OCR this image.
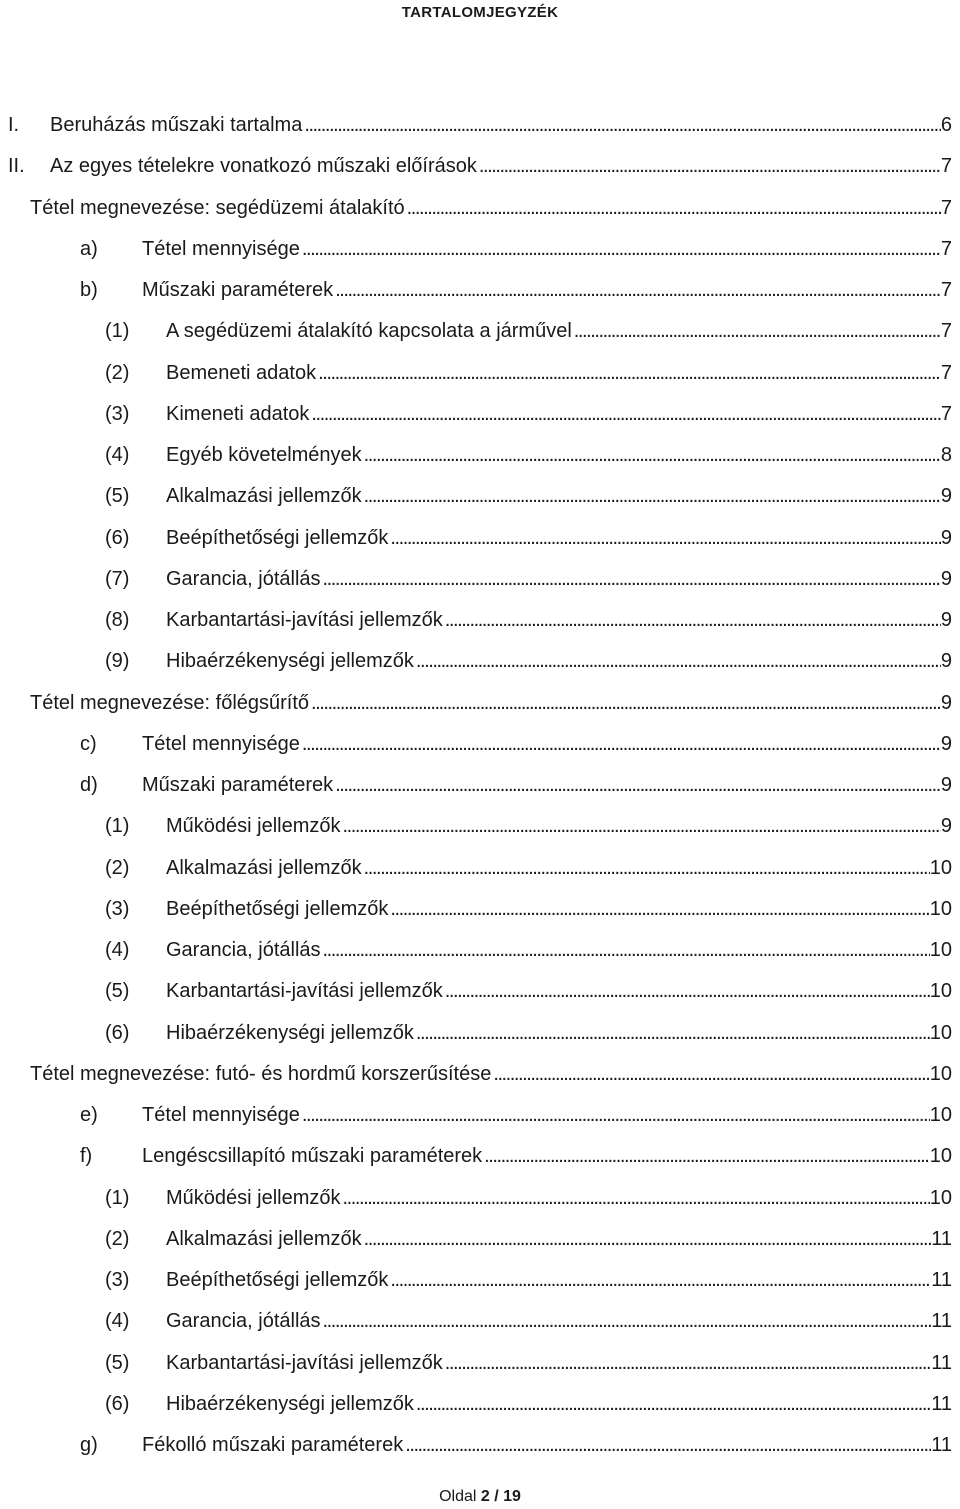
TARTALOMJEGYZÉK
I. Beruházás műszaki tartalma . . .	6
II. Az egyes tételekre vonatkozó műszaki előírások . . .	7
Tétel megnevezése: segédüzemi átalakító . . .	7
a) Tétel mennyisége . . .	7
b) Műszaki paraméterek . . .	7
(1) A segédüzemi átalakító kapcsolata a járművel . . .	7
(2) Bemeneti adatok . . .	7
(3) Kimeneti adatok . . .	7
(4) Egyéb követelmények . . .	8
(5) Alkalmazási jellemzők . . .	9
(6) Beépíthetőségi jellemzők . . .	9
(7) Garancia, jótállás . . .	9
(8) Karbantartási-javítási jellemzők . . .	9
(9) Hibaérzékenységi jellemzők . . .	9
Tétel megnevezése: főlégsűrítő . . .	9
c) Tétel mennyisége . . .	9
d) Műszaki paraméterek . . .	9
(1) Működési jellemzők . . .	9
(2) Alkalmazási jellemzők . . .	10
(3) Beépíthetőségi jellemzők . . .	10
(4) Garancia, jótállás . . .	10
(5) Karbantartási-javítási jellemzők . . .	10
(6) Hibaérzékenységi jellemzők . . .	10
Tétel megnevezése: futó- és hordmű korszerűsítése . . .	10
e) Tétel mennyisége . . .	10
f) Lengéscsillapító műszaki paraméterek . . .	10
(1) Működési jellemzők . . .	10
(2) Alkalmazási jellemzők . . .	11
(3) Beépíthetőségi jellemzők . . .	11
(4) Garancia, jótállás . . .	11
(5) Karbantartási-javítási jellemzők . . .	11
(6) Hibaérzékenységi jellemzők . . .	11
g) Fékolló műszaki paraméterek . . .	11
Oldal 2 / 19
